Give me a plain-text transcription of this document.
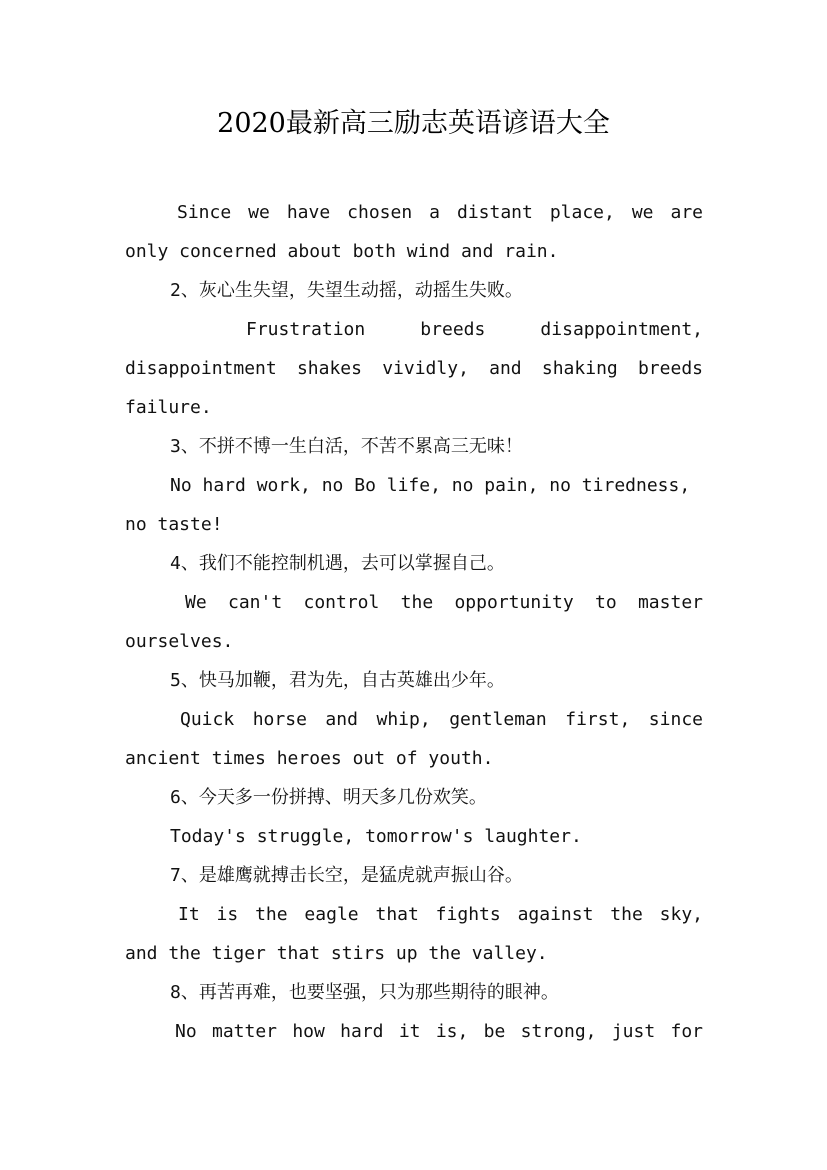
2020最新高三励志英语谚语大全
Since we have chosen a distant place, we are
only concerned about both wind and rain.
2、灰心生失望，失望生动摇，动摇生失败。
Frustration breeds disappointment,
disappointment shakes vividly, and shaking breeds
failure.
3、不拼不博一生白活，不苦不累高三无味！
No hard work, no Bo life, no pain, no tiredness,
no taste!
4、我们不能控制机遇，去可以掌握自己。
We can't control the opportunity to master
ourselves.
5、快马加鞭，君为先，自古英雄出少年。
Quick horse and whip, gentleman first, since
ancient times heroes out of youth.
6、今天多一份拼搏、明天多几份欢笑。
Today's struggle, tomorrow's laughter.
7、是雄鹰就搏击长空，是猛虎就声振山谷。
It is the eagle that fights against the sky,
and the tiger that stirs up the valley.
8、再苦再难，也要坚强，只为那些期待的眼神。
No matter how hard it is, be strong, just for
